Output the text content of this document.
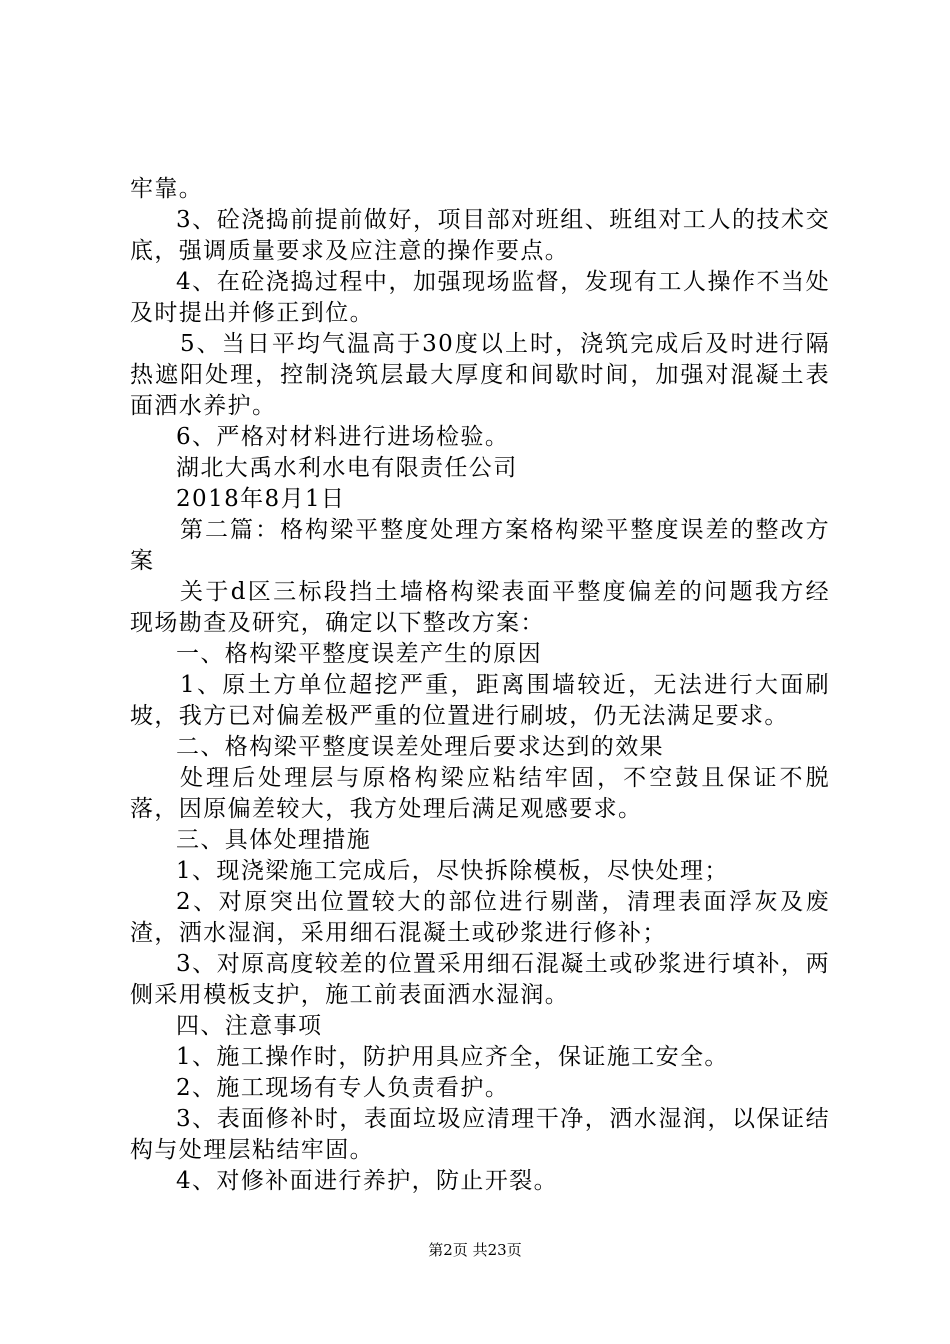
牢靠。

3、砼浇捣前提前做好，项目部对班组、班组对工人的技术交底，强调质量要求及应注意的操作要点。

4、在砼浇捣过程中，加强现场监督，发现有工人操作不当处及时提出并修正到位。

5、当日平均气温高于30度以上时，浇筑完成后及时进行隔热遮阳处理，控制浇筑层最大厚度和间歇时间，加强对混凝土表面洒水养护。

6、严格对材料进行进场检验。

湖北大禹水利水电有限责任公司

2018年8月1日

第二篇：格构梁平整度处理方案格构梁平整度误差的整改方案

关于d区三标段挡土墙格构梁表面平整度偏差的问题我方经现场勘查及研究，确定以下整改方案：

一、格构梁平整度误差产生的原因

1、原土方单位超挖严重，距离围墙较近，无法进行大面刷坡，我方已对偏差极严重的位置进行刷坡，仍无法满足要求。

二、格构梁平整度误差处理后要求达到的效果

处理后处理层与原格构梁应粘结牢固，不空鼓且保证不脱落，因原偏差较大，我方处理后满足观感要求。

三、具体处理措施

1、现浇梁施工完成后，尽快拆除模板，尽快处理；

2、对原突出位置较大的部位进行剔凿，清理表面浮灰及废渣，洒水湿润，采用细石混凝土或砂浆进行修补；

3、对原高度较差的位置采用细石混凝土或砂浆进行填补，两侧采用模板支护，施工前表面洒水湿润。

四、注意事项

1、施工操作时，防护用具应齐全，保证施工安全。

2、施工现场有专人负责看护。

3、表面修补时，表面垃圾应清理干净，洒水湿润，以保证结构与处理层粘结牢固。

4、对修补面进行养护，防止开裂。

第2页 共23页
